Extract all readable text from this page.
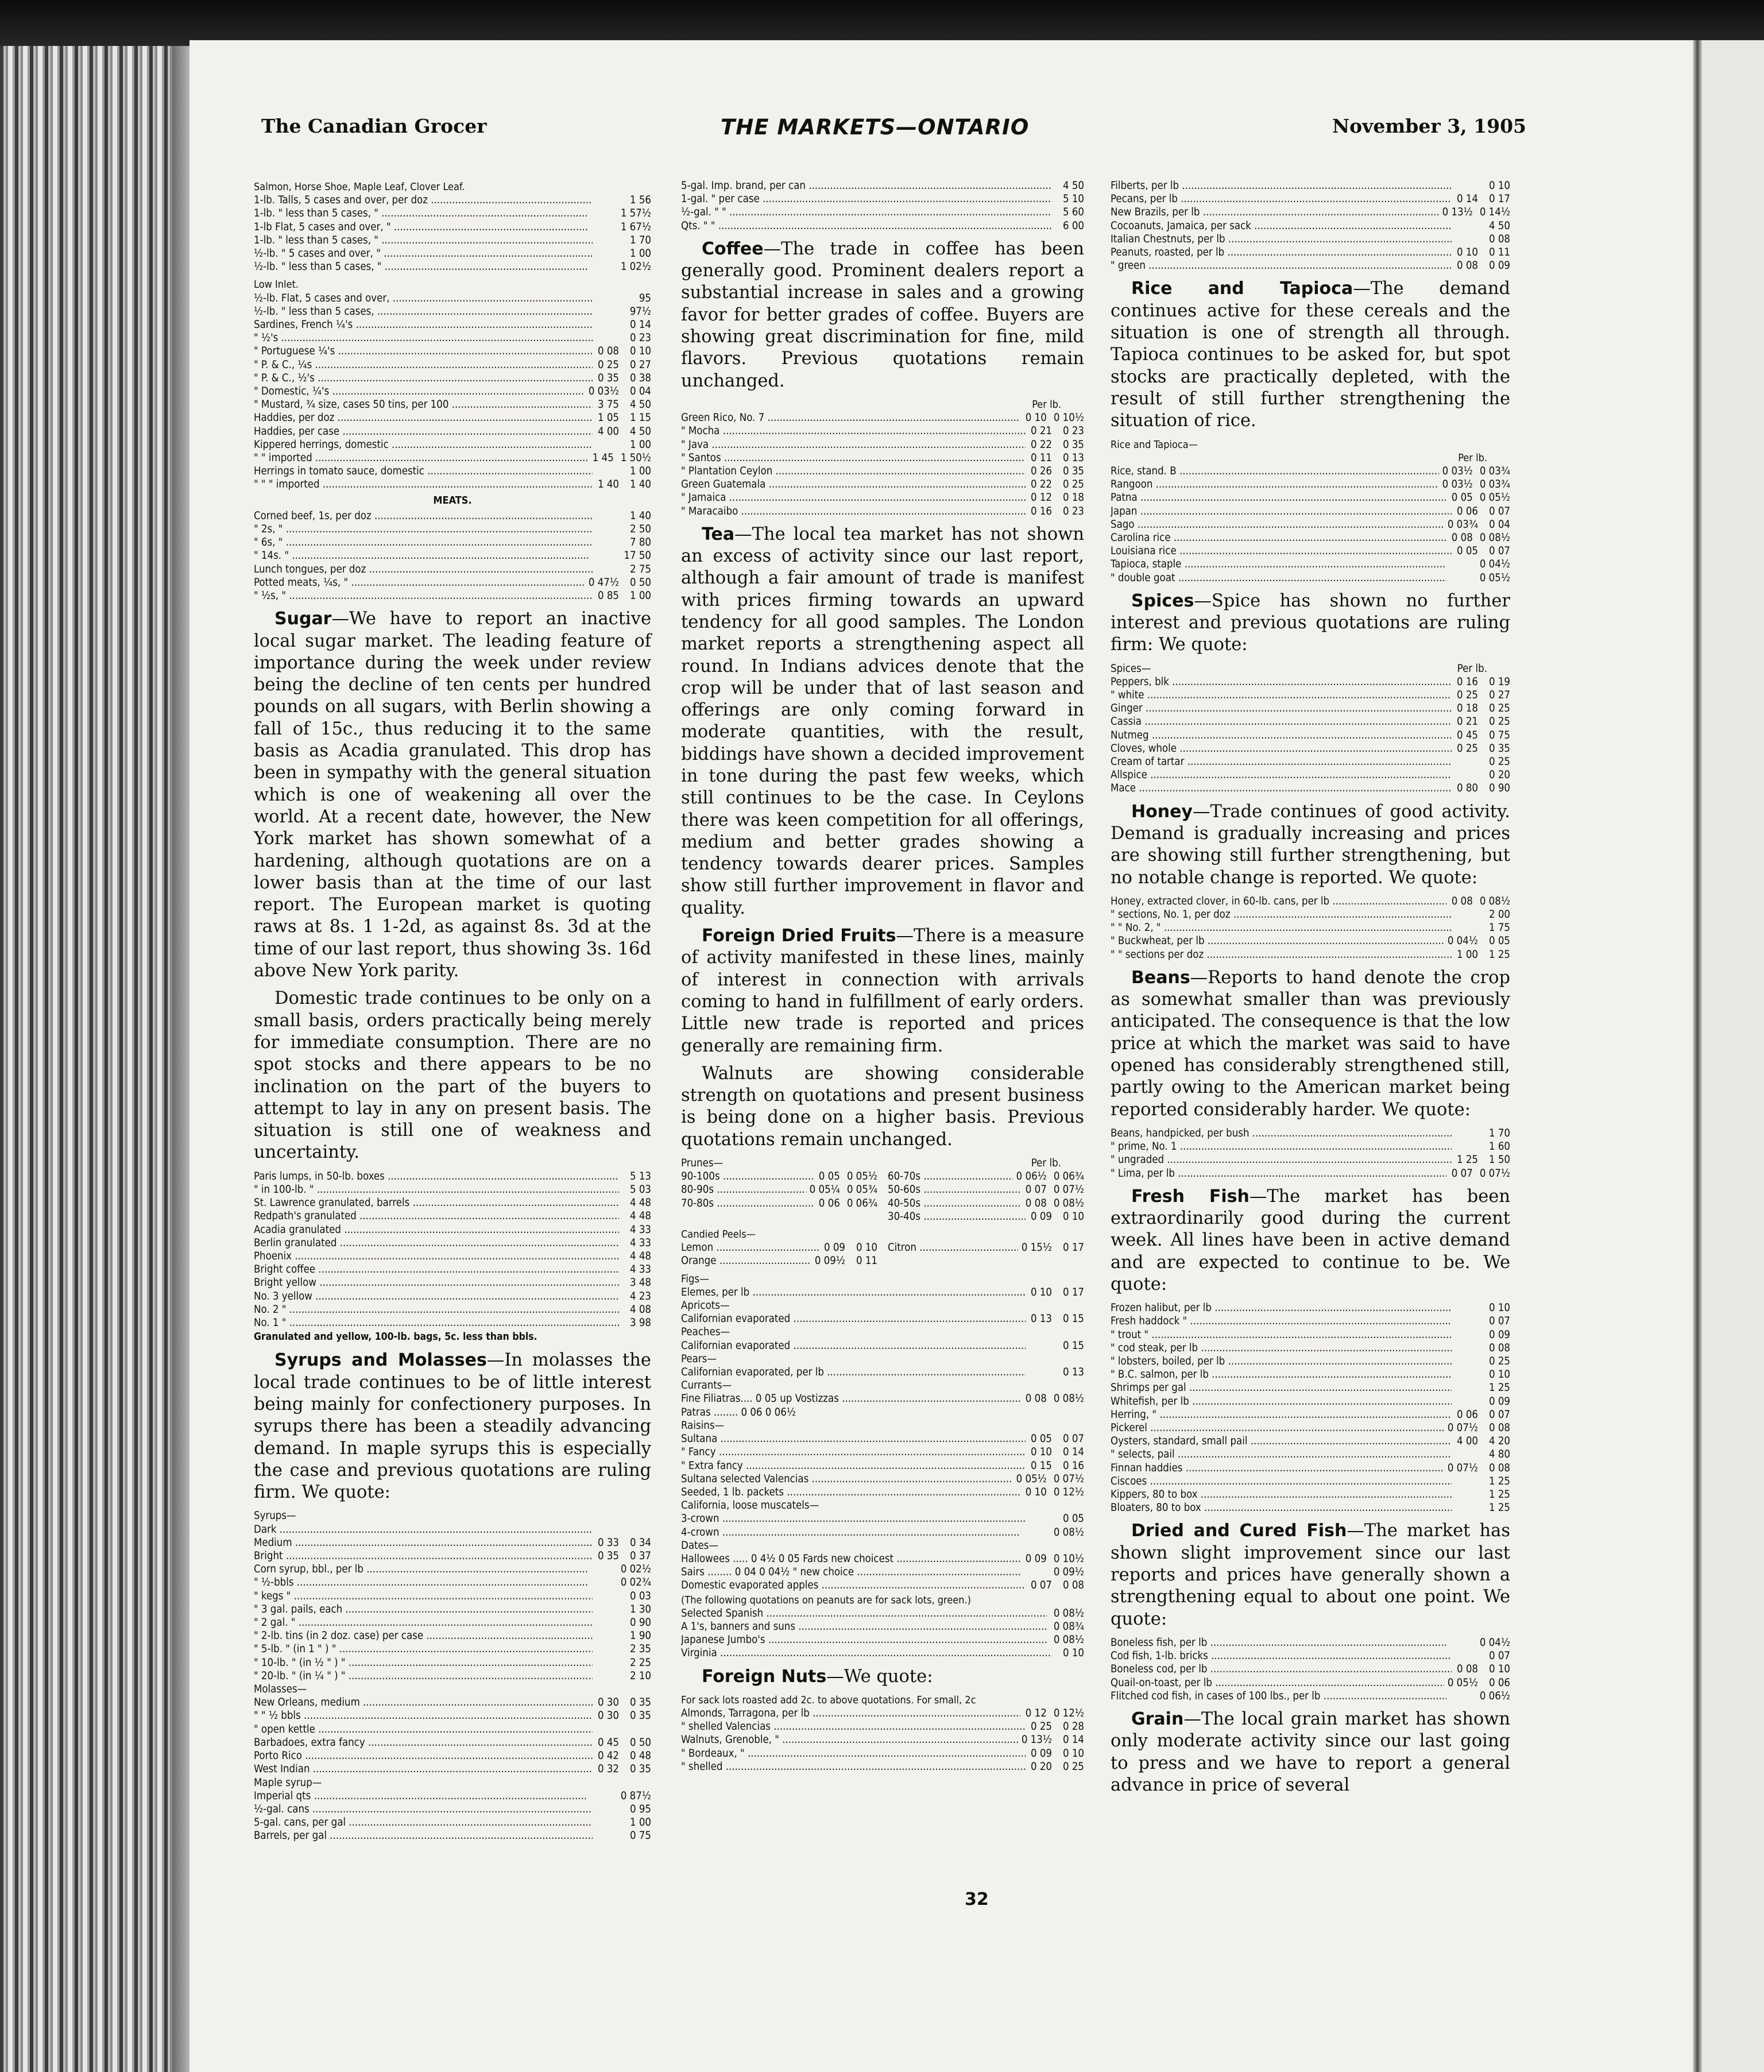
The Canadian Grocer	THE MARKETS—ONTARIO	November 3, 1905
Salmon, Horse Shoe, Maple Leaf, Clover Leaf.
1-lb. Talls, 5 cases and over, per doz .....	1 56
1-lb. " less than 5 cases, " .....	1 57½
1-lb Flat, 5 cases and over, " .....	1 67½
1-lb. " less than 5 cases, " .....	1 70
½-lb. " 5 cases and over, " .....	1 00
½-lb. " less than 5 cases, " .....	1 02½
Low Inlet.
½-lb. Flat, 5 cases and over, .....	95
½-lb. " less than 5 cases, .....	97½
Sardines, French ¼'s .....	0 14
" ½'s .....	0 23
" Portuguese ¼'s .....	0 08	0 10
" P. & C., ¼s .....	0 25	0 27
" P. & C., ½'s .....	0 35	0 38
" Domestic, ¼'s .....	0 03½	0 04
" Mustard, ¾ size, cases 50 tins, per 100 .....	3 75	4 50
Haddies, per doz .....	1 05	1 15
Haddies, per case .....	4 00	4 50
Kippered herrings, domestic .....	1 00
" " imported .....	1 45 1 50½
Herrings in tomato sauce, domestic .....	1 00
" " " imported .....	1 40	1 40
MEATS.
Corned beef, 1s, per doz .....	1 40
" 2s, " .....	2 50
" 6s, " .....	7 80
" 14s. " .....	17 50
Lunch tongues, per doz .....	2 75
Potted meats, ¼s, " .....	0 47½	0 50
" ½s, " .....	0 85	1 00

Sugar—We have to report an inactive local sugar market. The leading feature of importance during the week under review being the decline of ten cents per hundred pounds on all sugars, with Berlin showing a fall of 15c., thus reducing it to the same basis as Acadia granulated. This drop has been in sympathy with the general situation which is one of weakening all over the world. At a recent date, however, the New York market has shown somewhat of a hardening, although quotations are on a lower basis than at the time of our last report. The European market is quoting raws at 8s. 1 1-2d, as against 8s. 3d at the time of our last report, thus showing 3s. 16d above New York parity.

Domestic trade continues to be only on a small basis, orders practically being merely for immediate consumption. There are no spot stocks and there appears to be no inclination on the part of the buyers to attempt to lay in any on present basis. The situation is still one of weakness and uncertainty.

Paris lumps, in 50-lb. boxes .....	5 13
" in 100-lb. " .....	5 03
St. Lawrence granulated, barrels .....	4 48
Redpath's granulated .....	4 48
Acadia granulated .....	4 33
Berlin granulated .....	4 33
Phoenix .....	4 48
Bright coffee .....	4 33
Bright yellow .....	3 48
No. 3 yellow .....	4 23
No. 2 " .....	4 08
No. 1 " .....	3 98
Granulated and yellow, 100-lb. bags, 5c. less than bbls.

Syrups and Molasses—In molasses the local trade continues to be of little interest being mainly for confectionery purposes. In syrups there has been a steadily advancing demand. In maple syrups this is especially the case and previous quotations are ruling firm. We quote:

Syrups—
Dark .....
Medium .....	0 33	0 34
Bright .....	0 35	0 37
Corn syrup, bbl., per lb .....	0 02½
" ½-bbls .....	0 02¾
" kegs " .....	0 03
" 3 gal. pails, each .....	1 30
" 2 gal. " .....	0 90
" 2-lb. tins (in 2 doz. case) per case .....	1 90
" 5-lb. " (in 1 " ) " .....	2 35
" 10-lb. " (in ½ " ) " .....	2 25
" 20-lb. " (in ¼ " ) " .....	2 10
Molasses—
New Orleans, medium .....	0 30	0 35
" " ½ bbls .....	0 30	0 35
" open kettle .....
Barbadoes, extra fancy .....	0 45	0 50
Porto Rico .....	0 42	0 48
West Indian .....	0 32	0 35
Maple syrup—
Imperial qts .....	0 87½
½-gal. cans .....	0 95
5-gal. cans, per gal .....	1 00
Barrels, per gal .....	0 75
5-gal. Imp. brand, per can .....	4 50
1-gal. " per case .....	5 10
½-gal. " " .....	5 60
Qts. " " .....	6 00

Coffee—The trade in coffee has been generally good. Prominent dealers report a substantial increase in sales and a growing favor for better grades of coffee. Buyers are showing great discrimination for fine, mild flavors. Previous quotations remain unchanged.

Per lb.
Green Rico, No. 7 .....	0 10 0 10½
" Mocha .....	0 21	0 23
" Java .....	0 22	0 35
" Santos .....	0 11	0 13
" Plantation Ceylon .....	0 26	0 35
Green Guatemala .....	0 22	0 25
" Jamaica .....	0 12	0 18
" Maracaibo .....	0 16	0 23

Tea—The local tea market has not shown an excess of activity since our last report, although a fair amount of trade is manifest with prices firming towards an upward tendency for all good samples. The London market reports a strengthening aspect all round. In Indians advices denote that the crop will be under that of last season and offerings are only coming forward in moderate quantities, with the result, biddings have shown a decided improvement in tone during the past few weeks, which still continues to be the case. In Ceylons there was keen competition for all offerings, medium and better grades showing a tendency towards dearer prices. Samples show still further improvement in flavor and quality.

Foreign Dried Fruits—There is a measure of activity manifested in these lines, mainly of interest in connection with arrivals coming to hand in fulfillment of early orders. Little new trade is reported and prices generally are remaining firm.

Walnuts are showing considerable strength on quotations and present business is being done on a higher basis. Previous quotations remain unchanged.

Prunes—	Per lb.
90-100s .....	0 05 0 05½
80-90s .....	0 05¼ 0 05¾
70-80s .....	0 06 0 06¾
60-70s .....	0 06½ 0 06¾
50-60s .....	0 07 0 07½
40-50s .....	0 08 0 08½
30-40s .....	0 09	0 10
Candied Peels—
Lemon .....	0 09	0 10
Orange .....	0 09½	0 11
Citron .....	0 15½	0 17
Figs—
Elemes, per lb .....	0 10	0 17
Apricots—
Californian evaporated .....	0 13	0 15
Peaches—
Californian evaporated .....	0 15
Pears—
Californian evaporated, per lb .....	0 13
Currants—
Fine Filiatras.... 0 05 up Vostizzas .....	0 08 0 08½
Patras ........ 0 06 0 06½
Raisins—
Sultana .....	0 05	0 07
" Fancy .....	0 10	0 14
" Extra fancy .....	0 15	0 16
Sultana selected Valencias .....	0 05½ 0 07½
Seeded, 1 lb. packets .....	0 10 0 12½
California, loose muscatels—
3-crown .....	0 05
4-crown .....	0 08½
Dates—
Hallowees ..... 0 4½ 0 05 Fards new choicest .....	0 09 0 10½
Sairs ........ 0 04 0 04½ " new choice .....	0 09½
Domestic evaporated apples .....	0 07	0 08
(The following quotations on peanuts are for sack lots, green.)
Selected Spanish .....	0 08½
A 1's, banners and suns .....	0 08¾
Japanese Jumbo's .....	0 08½
Virginia .....	0 10

Foreign Nuts—We quote:

For sack lots roasted add 2c. to above quotations. For small, 2c
Almonds, Tarragona, per lb .....	0 12 0 12½
" shelled Valencias .....	0 25	0 28
Walnuts, Grenoble, " .....	0 13½	0 14
" Bordeaux, " .....	0 09	0 10
" shelled .....	0 20	0 25
Filberts, per lb .....	0 10
Pecans, per lb .....	0 14	0 17
New Brazils, per lb .....	0 13½ 0 14½
Cocoanuts, Jamaica, per sack .....	4 50
Italian Chestnuts, per lb .....	0 08
Peanuts, roasted, per lb .....	0 10	0 11
" green .....	0 08	0 09

Rice and Tapioca—The demand continues active for these cereals and the situation is one of strength all through. Tapioca continues to be asked for, but spot stocks are practically depleted, with the result of still further strengthening the situation of rice.

Rice and Tapioca—
Per lb.
Rice, stand. B .....	0 03½ 0 03¾
Rangoon .....	0 03½ 0 03¾
Patna .....	0 05 0 05½
Japan .....	0 06	0 07
Sago .....	0 03¾	0 04
Carolina rice .....	0 08 0 08½
Louisiana rice .....	0 05	0 07
Tapioca, staple .....	0 04½
" double goat .....	0 05½

Spices—Spice has shown no further interest and previous quotations are ruling firm: We quote:

Spices—	Per lb.
Peppers, blk .....	0 16	0 19
" white .....	0 25	0 27
Ginger .....	0 18	0 25
Cassia .....	0 21	0 25
Nutmeg .....	0 45	0 75
Cloves, whole .....	0 25	0 35
Cream of tartar .....	0 25
Allspice .....	0 20
Mace .....	0 80	0 90

Honey—Trade continues of good activity. Demand is gradually increasing and prices are showing still further strengthening, but no notable change is reported. We quote:

Honey, extracted clover, in 60-lb. cans, per lb .....	0 08 0 08½
" sections, No. 1, per doz .....	2 00
" " No. 2, " .....	1 75
" Buckwheat, per lb .....	0 04½	0 05
" " sections per doz .....	1 00	1 25

Beans—Reports to hand denote the crop as somewhat smaller than was previously anticipated. The consequence is that the low price at which the market was said to have opened has considerably strengthened still, partly owing to the American market being reported considerably harder. We quote:

Beans, handpicked, per bush .....	1 70
" prime, No. 1 .....	1 60
" ungraded .....	1 25	1 50
" Lima, per lb .....	0 07 0 07½

Fresh Fish—The market has been extraordinarily good during the current week. All lines have been in active demand and are expected to continue to be. We quote:

Frozen halibut, per lb .....	0 10
Fresh haddock " .....	0 07
" trout " .....	0 09
" cod steak, per lb .....	0 08
" lobsters, boiled, per lb .....	0 25
" B.C. salmon, per lb .....	0 10
Shrimps per gal .....	1 25
Whitefish, per lb .....	0 09
Herring, " .....	0 06	0 07
Pickerel .....	0 07½	0 08
Oysters, standard, small pail .....	4 00	4 20
" selects, pail .....	4 80
Finnan haddies .....	0 07½	0 08
Ciscoes .....	1 25
Kippers, 80 to box .....	1 25
Bloaters, 80 to box .....	1 25

Dried and Cured Fish—The market has shown slight improvement since our last reports and prices have generally shown a strengthening equal to about one point. We quote:

Boneless fish, per lb .....	0 04½
Cod fish, 1-lb. bricks .....	0 07
Boneless cod, per lb .....	0 08	0 10
Quail-on-toast, per lb .....	0 05½	0 06
Flitched cod fish, in cases of 100 lbs., per lb .....	0 06½

Grain—The local grain market has shown only moderate activity since our last going to press and we have to report a general advance in price of several

32
